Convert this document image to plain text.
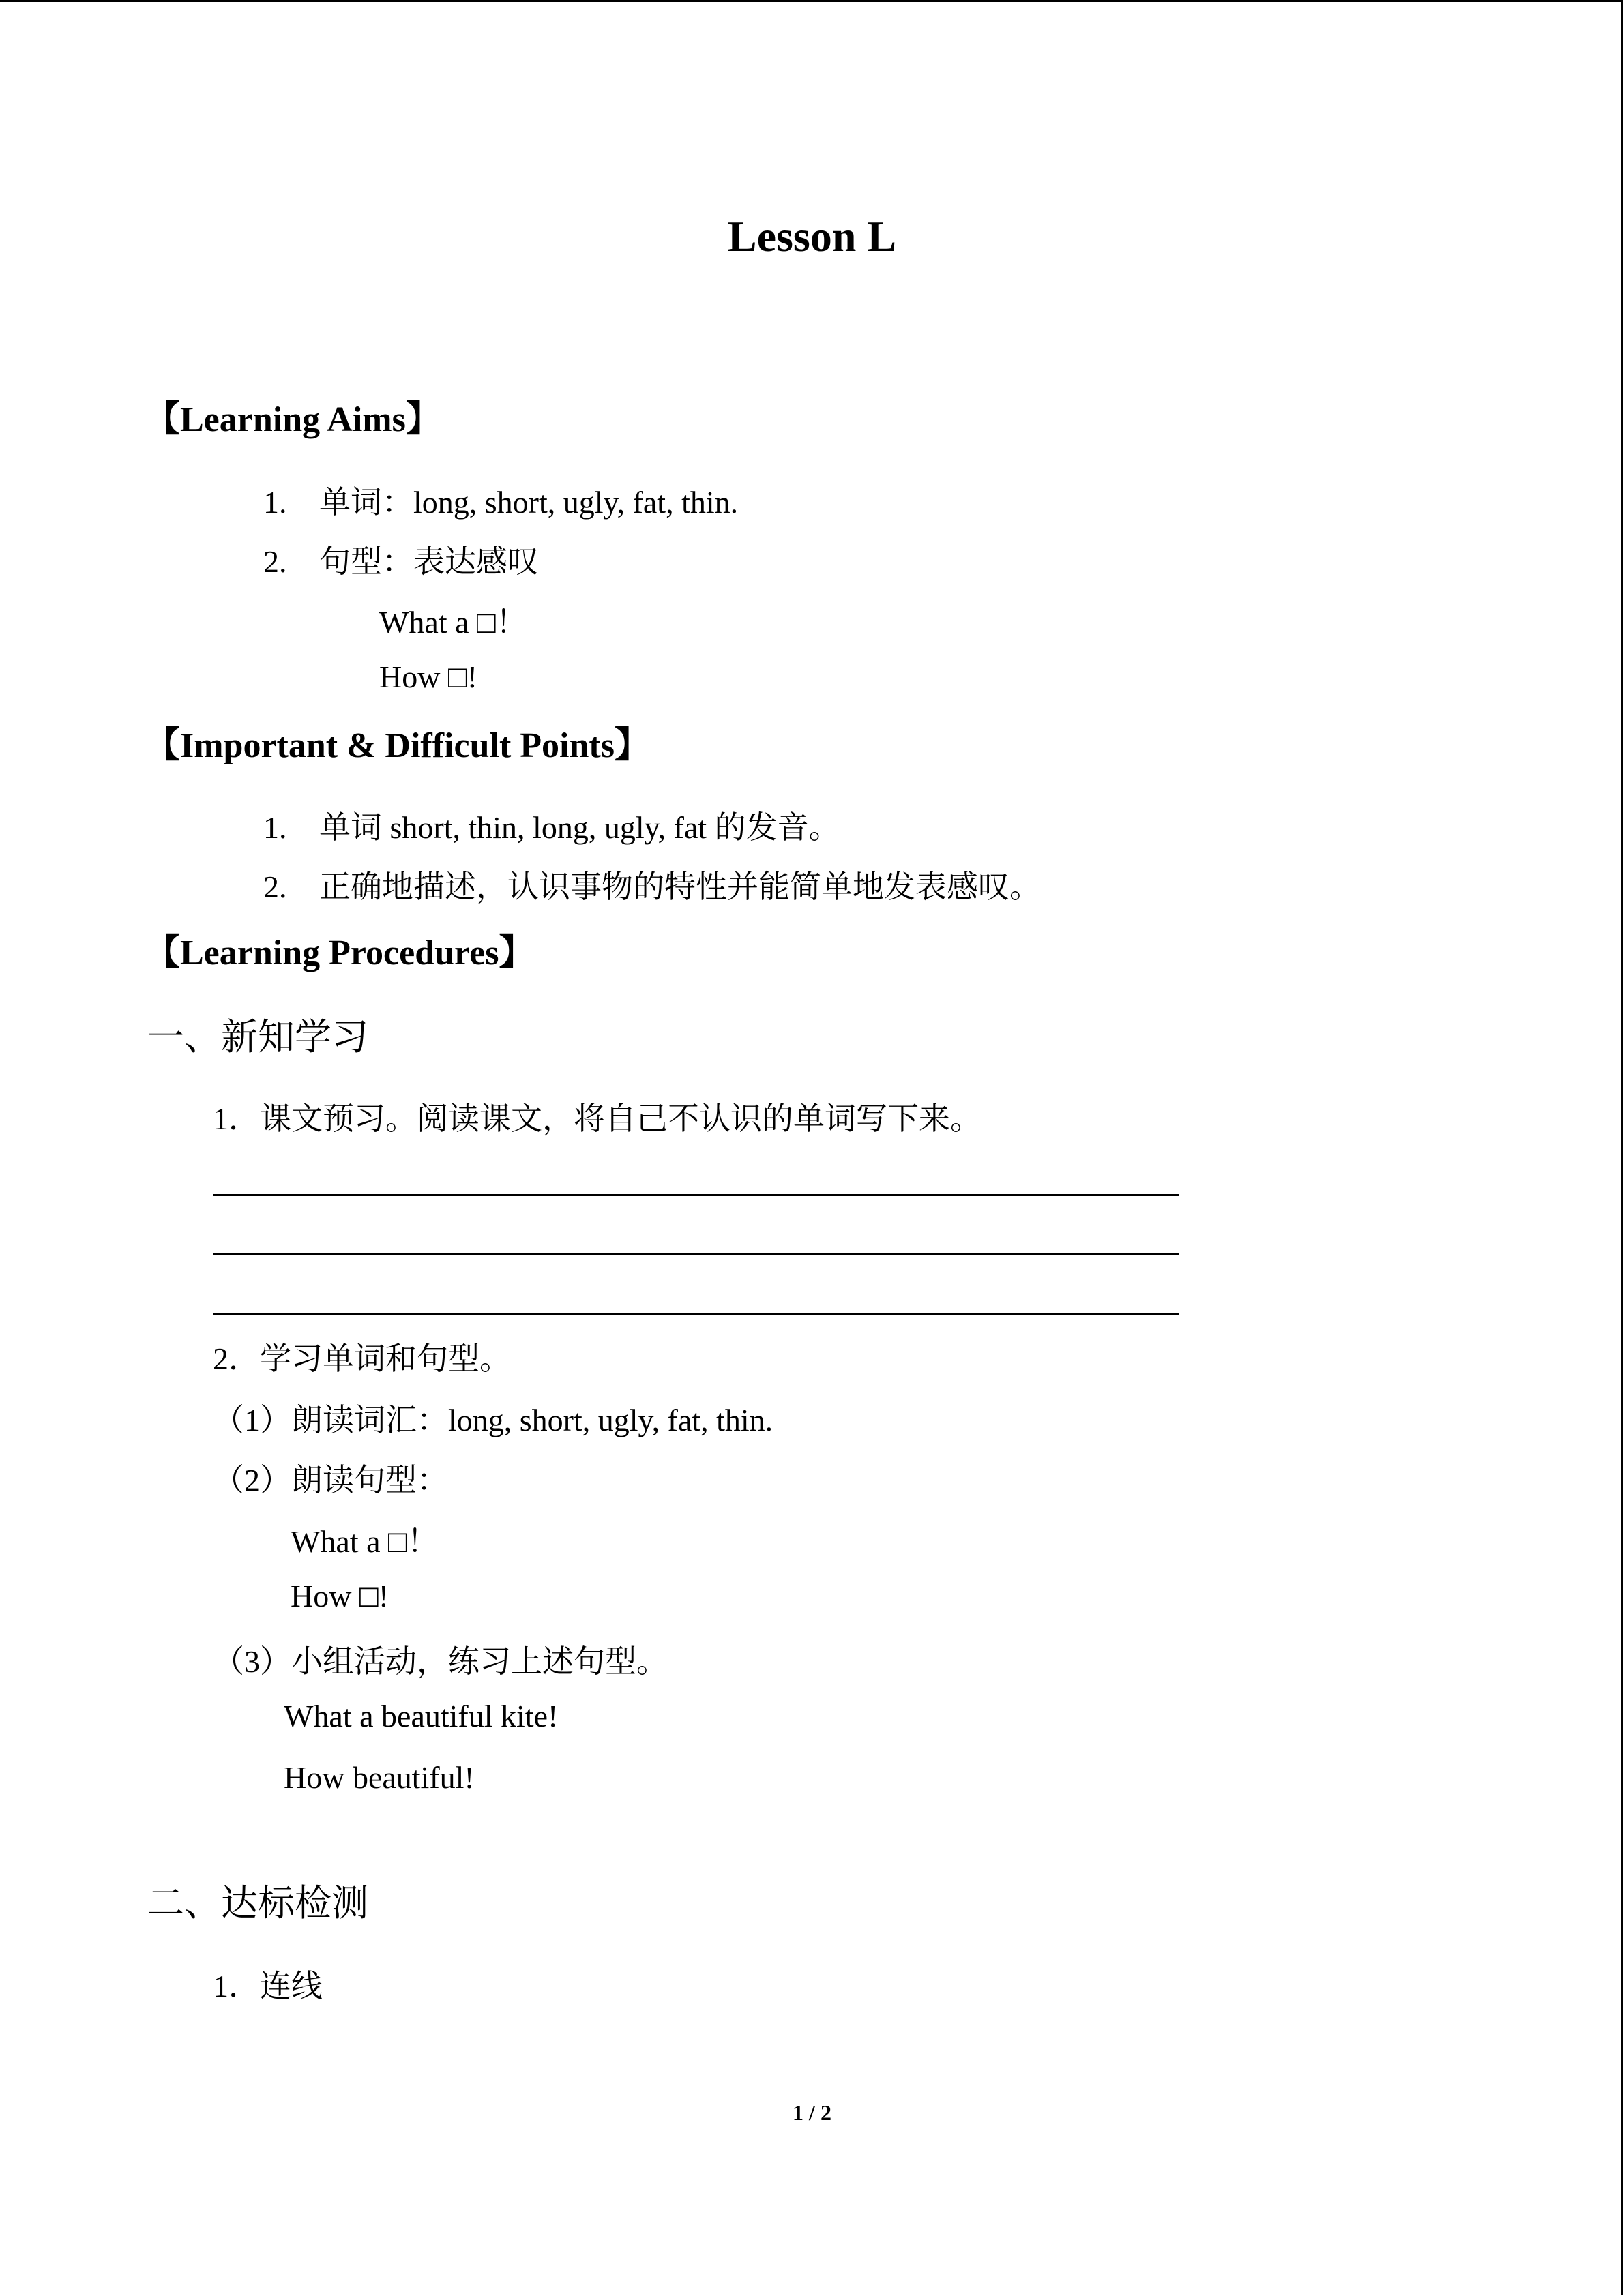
Lesson L
【Learning Aims】
1. 单词：long, short, ugly, fat, thin.
2. 句型：表达感叹
What a □！
How □!
【Important & Difficult Points】
1. 单词 short, thin, long, ugly, fat 的发音。
2. 正确地描述，认识事物的特性并能简单地发表感叹。
【Learning Procedures】
一、新知学习
1．课文预习。阅读课文，将自己不认识的单词写下来。
2．学习单词和句型。
（1）朗读词汇：long, short, ugly, fat, thin.
（2）朗读句型：
What a □！
How □!
（3）小组活动，练习上述句型。
What a beautiful kite!
How beautiful!
二、达标检测
1．连线
1 / 2
